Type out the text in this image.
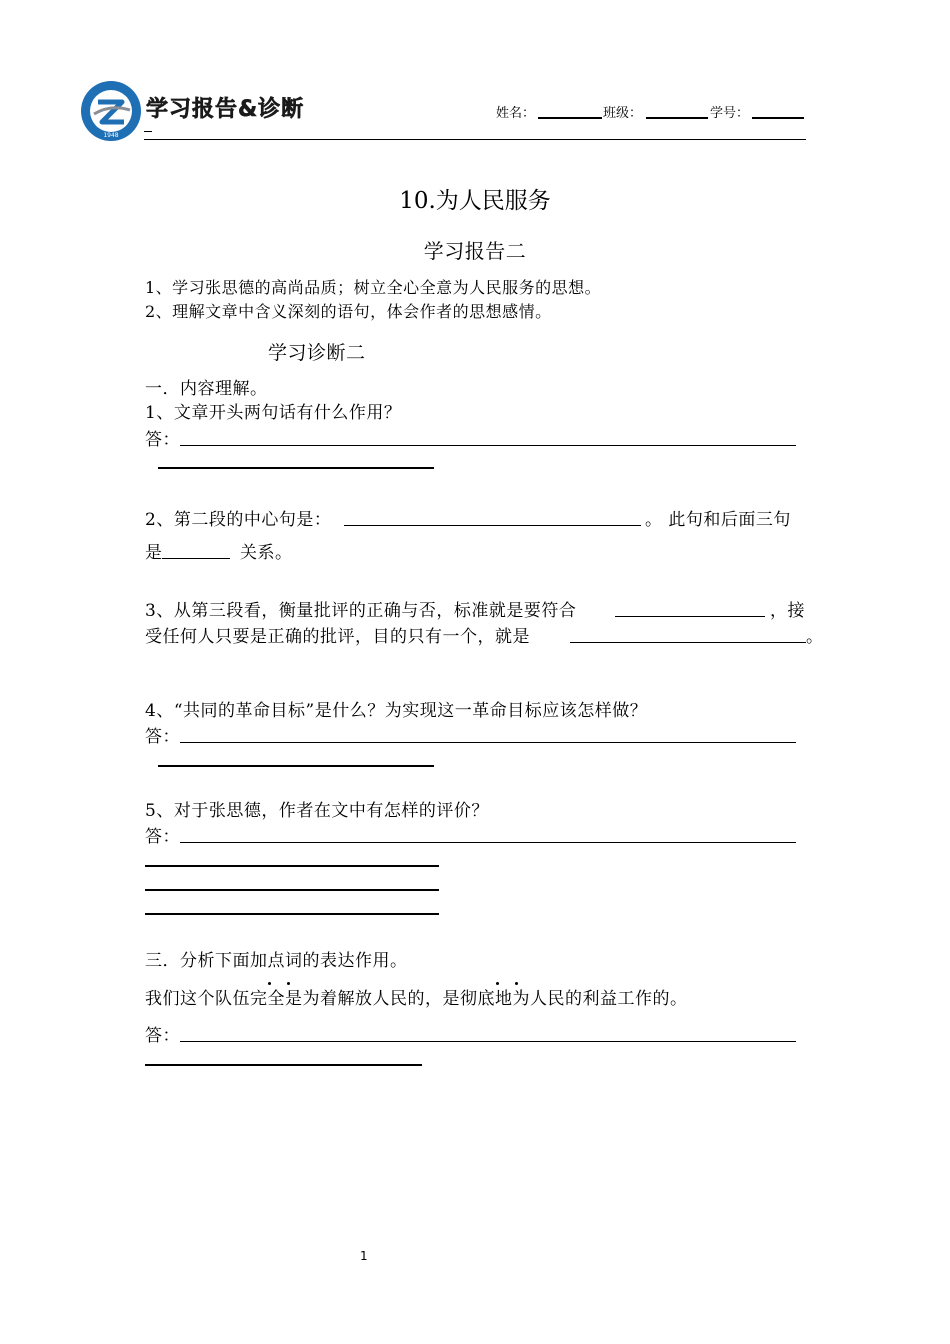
1948
学习报告&诊断	姓名：	班级：	学号：
10.为人民服务
学习报告二
1、学习张思德的高尚品质；树立全心全意为人民服务的思想。
2、理解文章中含义深刻的语句，体会作者的思想感情。
学习诊断二
一．内容理解。
1、文章开头两句话有什么作用？
答：
2、第二段的中心句是：	。 此句和后面三句
是	关系。
3、从第三段看，衡量批评的正确与否，标准就是要符合	，接
受任何人只要是正确的批评，目的只有一个，就是	。
4、“共同的革命目标”是什么？为实现这一革命目标应该怎样做？
答：
5、对于张思德，作者在文中有怎样的评价？
答：
三．分析下面加点词的表达作用。
我们这个队伍完全是为着解放人民的，是彻底地为人民的利益工作的。
答：
1
